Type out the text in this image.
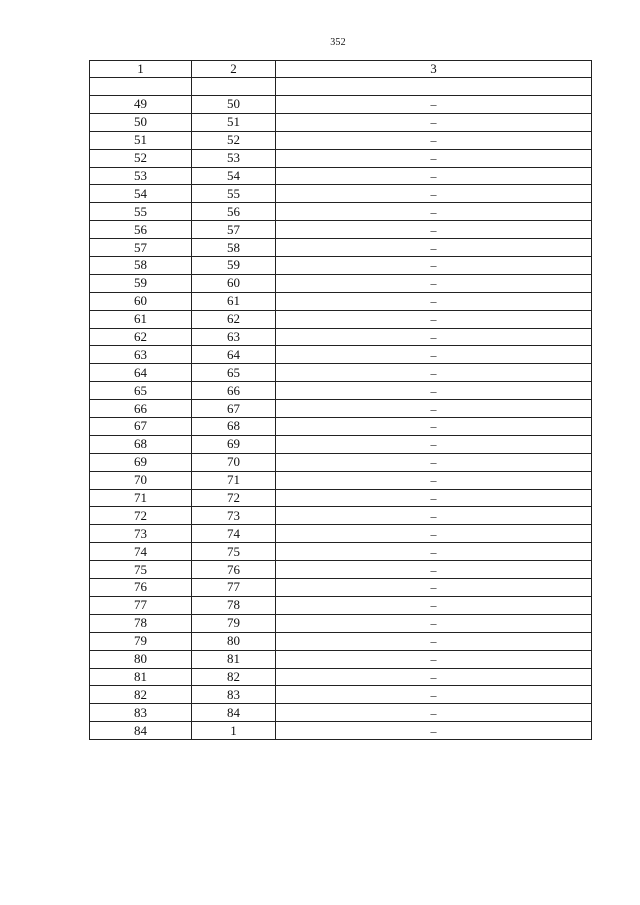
352
1	2	3

49	50	–
50	51	–
51	52	–
52	53	–
53	54	–
54	55	–
55	56	–
56	57	–
57	58	–
58	59	–
59	60	–
60	61	–
61	62	–
62	63	–
63	64	–
64	65	–
65	66	–
66	67	–
67	68	–
68	69	–
69	70	–
70	71	–
71	72	–
72	73	–
73	74	–
74	75	–
75	76	–
76	77	–
77	78	–
78	79	–
79	80	–
80	81	–
81	82	–
82	83	–
83	84	–
84	1	–
